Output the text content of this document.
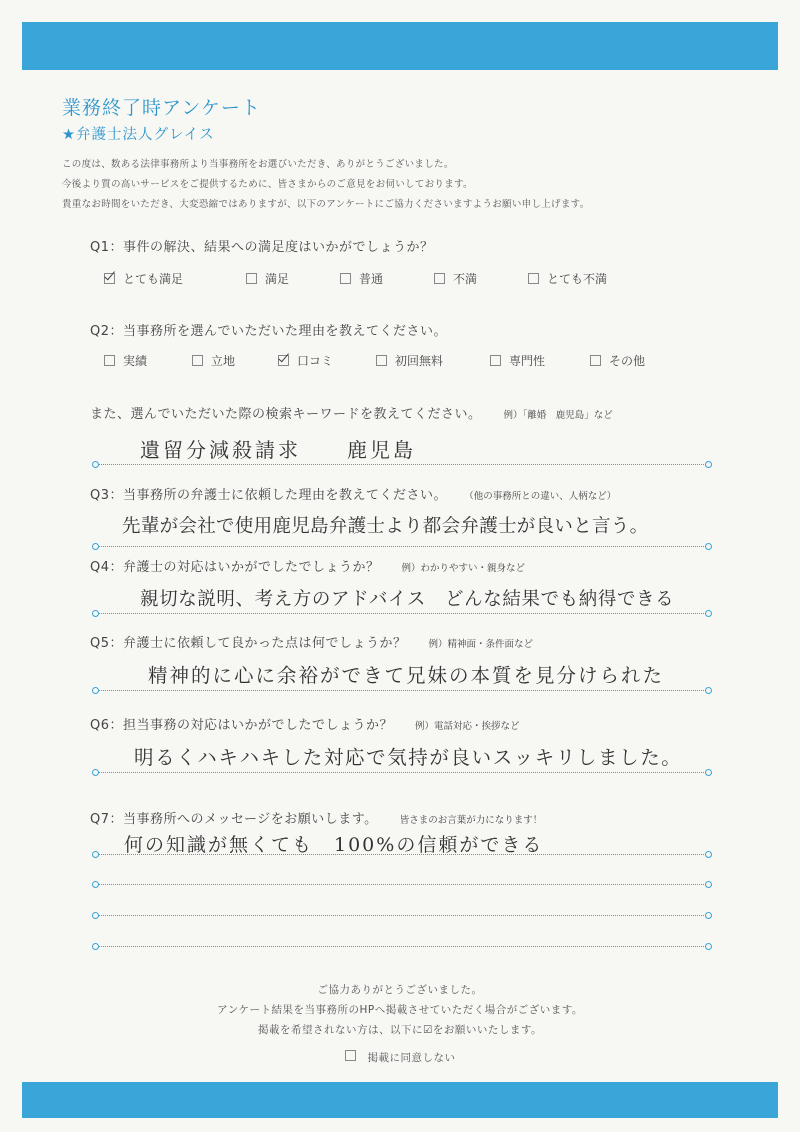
業務終了時アンケート
★弁護士法人グレイス
この度は、数ある法律事務所より当事務所をお選びいただき、ありがとうございました。
今後より質の高いサービスをご提供するために、皆さまからのご意見をお伺いしております。
貴重なお時間をいただき、大変恐縮ではありますが、以下のアンケートにご協力くださいますようお願い申し上げます。
Q1：事件の解決、結果への満足度はいかがでしょうか？
とても満足	満足	普通	不満	とても不満
Q2：当事務所を選んでいただいた理由を教えてください。
実績	立地	口コミ	初回無料	専門性	その他
また、選んでいただいた際の検索キーワードを教えてください。 例）「離婚　鹿児島」など
遺留分減殺請求　　鹿児島
Q3：当事務所の弁護士に依頼した理由を教えてください。 （他の事務所との違い、人柄など）
先輩が会社で使用鹿児島弁護士より都会弁護士が良いと言う。
Q4：弁護士の対応はいかがでしたでしょうか？ 例）わかりやすい・親身など
親切な説明、考え方のアドバイス　どんな結果でも納得できる
Q5：弁護士に依頼して良かった点は何でしょうか？ 例）精神面・条件面など
精神的に心に余裕ができて兄妹の本質を見分けられた
Q6：担当事務の対応はいかがでしたでしょうか？ 例）電話対応・挨拶など
明るくハキハキした対応で気持が良いスッキリしました。
Q7：当事務所へのメッセージをお願いします。 皆さまのお言葉が力になります！
何の知識が無くても　100%の信頼ができる
ご協力ありがとうございました。
アンケート結果を当事務所のHPへ掲載させていただく場合がございます。
掲載を希望されない方は、以下に☑をお願いいたします。
掲載に同意しない
